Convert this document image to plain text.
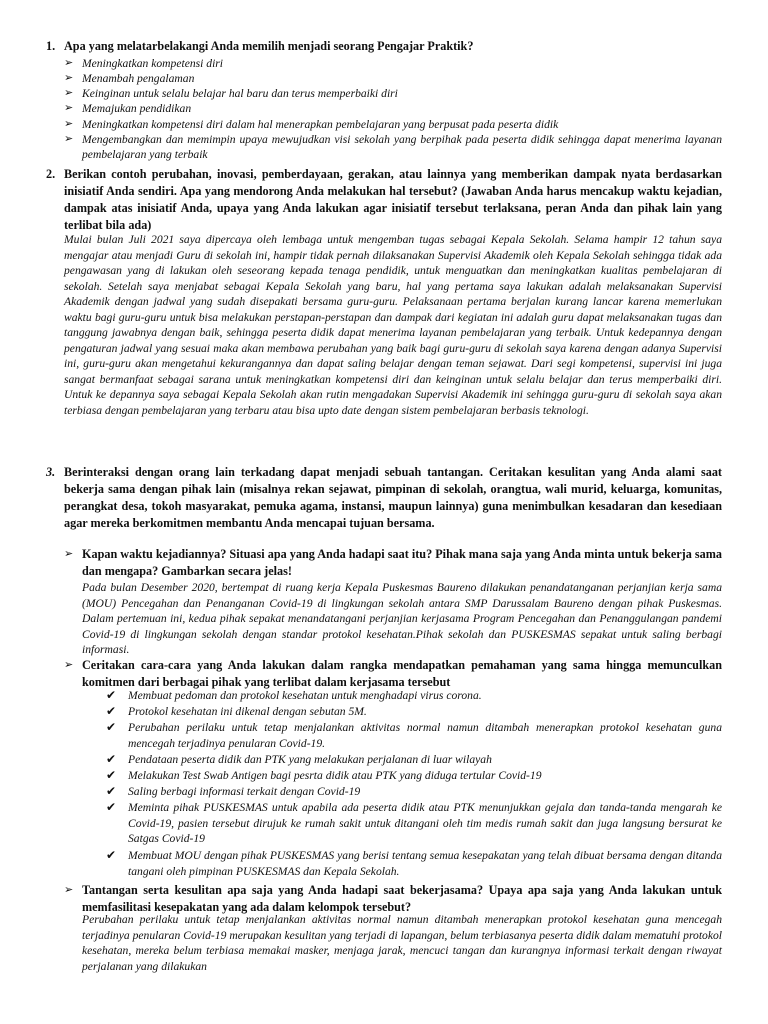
1. Apa yang melatarbelakangi Anda memilih menjadi seorang Pengajar Praktik?

➢ Meningkatkan kompetensi diri

➢ Menambah pengalaman

➢ Keinginan untuk selalu belajar hal baru dan terus memperbaiki diri

➢ Memajukan pendidikan

➢ Meningkatkan kompetensi diri dalam hal menerapkan pembelajaran yang berpusat pada peserta didik

➢ Mengembangkan dan memimpin upaya mewujudkan visi sekolah yang berpihak pada peserta didik sehingga dapat menerima layanan pembelajaran yang terbaik

2. Berikan contoh perubahan, inovasi, pemberdayaan, gerakan, atau lainnya yang memberikan dampak nyata berdasarkan inisiatif Anda sendiri. Apa yang mendorong Anda melakukan hal tersebut? (Jawaban Anda harus mencakup waktu kejadian, dampak atas inisiatif Anda, upaya yang Anda lakukan agar inisiatif tersebut terlaksana, peran Anda dan pihak lain yang terlibat bila ada)

Mulai bulan Juli 2021 saya dipercaya oleh lembaga untuk mengemban tugas sebagai Kepala Sekolah. Selama hampir 12 tahun saya mengajar atau menjadi Guru di sekolah ini, hampir tidak pernah dilaksanakan Supervisi Akademik oleh Kepala Sekolah sehingga tidak ada pengawasan yang di lakukan oleh seseorang kepada tenaga pendidik, untuk menguatkan dan meningkatkan kualitas pembelajaran di sekolah. Setelah saya menjabat sebagai Kepala Sekolah yang baru, hal yang pertama saya lakukan adalah melaksanakan Supervisi Akademik dengan jadwal yang sudah disepakati bersama guru-guru. Pelaksanaan pertama berjalan kurang lancar karena memerlukan waktu bagi guru-guru untuk bisa melakukan perstapan-perstapan dan dampak dari kegiatan ini adalah guru dapat melaksanakan tugas dan tanggung jawabnya dengan baik, sehingga peserta didik dapat menerima layanan pembelajaran yang terbaik. Untuk kedepannya dengan pengaturan jadwal yang sesuai maka akan membawa perubahan yang baik bagi guru-guru di sekolah saya karena dengan adanya Supervisi ini, guru-guru akan mengetahui kekurangannya dan dapat saling belajar dengan teman sejawat. Dari segi kompetensi, supervisi ini juga sangat bermanfaat sebagai sarana untuk meningkatkan kompetensi diri dan keinginan untuk selalu belajar dan terus memperbaiki diri. Untuk ke depannya saya sebagai Kepala Sekolah akan rutin mengadakan Supervisi Akademik ini sehingga guru-guru di sekolah saya akan terbiasa dengan pembelajaran yang terbaru atau bisa upto date dengan sistem pembelajaran berbasis teknologi.

3. Berinteraksi dengan orang lain terkadang dapat menjadi sebuah tantangan. Ceritakan kesulitan yang Anda alami saat bekerja sama dengan pihak lain (misalnya rekan sejawat, pimpinan di sekolah, orangtua, wali murid, keluarga, komunitas, perangkat desa, tokoh masyarakat, pemuka agama, instansi, maupun lainnya) guna menimbulkan kesadaran dan kesediaan agar mereka berkomitmen membantu Anda mencapai tujuan bersama.

➢ Kapan waktu kejadiannya? Situasi apa yang Anda hadapi saat itu? Pihak mana saja yang Anda minta untuk bekerja sama dan mengapa? Gambarkan secara jelas!

Pada bulan Desember 2020, bertempat di ruang kerja Kepala Puskesmas Baureno dilakukan penandatanganan perjanjian kerja sama (MOU) Pencegahan dan Penanganan Covid-19 di lingkungan sekolah antara SMP Darussalam Baureno dengan pihak Puskesmas. Dalam pertemuan ini, kedua pihak sepakat menandatangani perjanjian kerjasama Program Pencegahan dan Penanggulangan pandemi Covid-19 di lingkungan sekolah dengan standar protokol kesehatan.Pihak sekolah dan PUSKESMAS sepakat untuk saling berbagi informasi.

➢ Ceritakan cara-cara yang Anda lakukan dalam rangka mendapatkan pemahaman yang sama hingga memunculkan komitmen dari berbagai pihak yang terlibat dalam kerjasama tersebut

✔ Membuat pedoman dan protokol kesehatan untuk menghadapi virus corona.

✔ Protokol kesehatan ini dikenal dengan sebutan 5M.

✔ Perubahan perilaku untuk tetap menjalankan aktivitas normal namun ditambah menerapkan protokol kesehatan guna mencegah terjadinya penularan Covid-19.

✔ Pendataan peserta didik dan PTK yang melakukan perjalanan di luar wilayah

✔ Melakukan Test Swab Antigen bagi pesrta didik atau PTK yang diduga tertular Covid-19

✔ Saling berbagi informasi terkait dengan Covid-19

✔ Meminta pihak PUSKESMAS untuk apabila ada peserta didik atau PTK menunjukkan gejala dan tanda-tanda mengarah ke Covid-19, pasien tersebut dirujuk ke rumah sakit untuk ditangani oleh tim medis rumah sakit dan juga langsung bersurat ke Satgas Covid-19

✔ Membuat MOU dengan pihak PUSKESMAS yang berisi tentang semua kesepakatan yang telah dibuat bersama dengan ditanda tangani oleh pimpinan PUSKESMAS dan Kepala Sekolah.

➢ Tantangan serta kesulitan apa saja yang Anda hadapi saat bekerjasama? Upaya apa saja yang Anda lakukan untuk memfasilitasi kesepakatan yang ada dalam kelompok tersebut?

Perubahan perilaku untuk tetap menjalankan aktivitas normal namun ditambah menerapkan protokol kesehatan guna mencegah terjadinya penularan Covid-19 merupakan kesulitan yang terjadi di lapangan, belum terbiasanya peserta didik dalam mematuhi protokol kesehatan, mereka belum terbiasa memakai masker, menjaga jarak, mencuci tangan dan kurangnya informasi terkait dengan riwayat perjalanan yang dilakukan
